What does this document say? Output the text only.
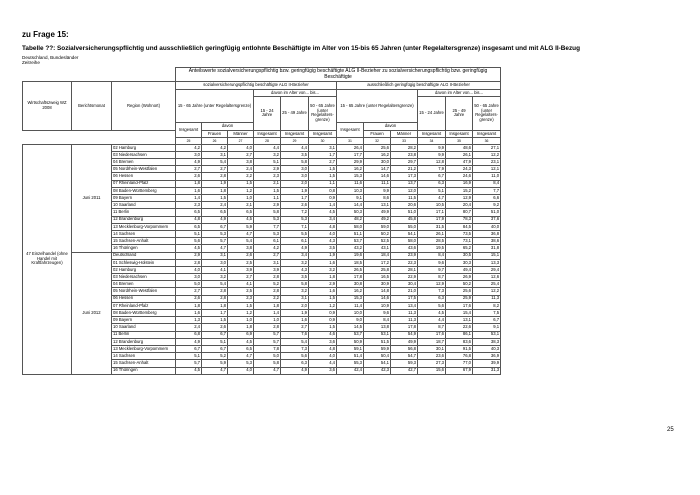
zu Frage 15:
Tabelle ??: Sozialversicherungspflichtig und ausschließlich geringfügig entlohnte Beschäftigte im Alter von 15-bis 65 Jahren (unter Regelaltersgrenze) insgesamt und mit ALG II-Bezug
Deutschland, Bundesländer
Zeitreihe
			Anteilswerte sozialversicherungspflichtig bzw. geringfügig beschäftigte ALG II-Bezieher zu sozialversicherungspflichtig bzw. geringfügig Beschäftigte											
Wirtschaftszweig WZ 2008	Berichtsmonat	Region (Wohnort)	sozialversicherungspflichtig beschäftigte ALG II-Bezieher						ausschließlich geringfügig beschäftigte ALG II-Bezieher					
			15 - 65 Jahre (unter Regelaltersgrenze)			davon im Alter von... bis...			15 - 65 Jahre (unter Regelaltersgrenze)			davon im Alter von... bis...		
						15 - 24 Jahre	25 - 49 Jahre	50 - 65 Jahre (unter Regelalters-grenze)				15 - 24 Jahre	25 - 49 Jahre	50 - 65 Jahre (unter Regelalters-grenze)
			Insgesamt	davon					Insgesamt	davon				
				Frauen	Männer	Insgesamt	Insgesamt	Insgesamt		Frauen	Männer	Insgesamt	Insgesamt	Insgesamt
			25	26	27	28	29	30	31	32	33	34	35	36
47 Einzelhandel (ohne Handel mit Kraftfahrzeugen)	Juni 2011	02 Hamburg	4,2	4,2	4,0	4,4	4,4	3,1	26,4	25,6	28,2	9,9	48,6	27,1
		03 Niedersachsen	3,0	3,1	2,7	3,2	3,5	1,7	17,7	16,2	23,8	9,9	26,1	12,2
		04 Bremen	4,9	5,4	3,8	5,1	5,8	2,7	29,9	30,0	29,7	12,8	47,9	23,1
		05 Nordrhein-Westfalen	2,7	2,7	2,4	2,9	3,0	1,5	16,2	14,7	21,2	7,9	24,3	12,1
		06 Hessen	2,6	2,8	2,2	2,3	3,0	1,5	15,3	14,6	17,3	6,7	24,6	11,0
		07 Rheinland-Pfalz	1,8	1,9	1,5	2,1	2,0	1,1	11,6	11,1	13,7	6,3	16,9	8,4
		08 Baden-Württemberg	1,6	1,8	1,2	1,5	1,9	0,8	10,3	9,9	12,0	5,1	15,2	7,7
		09 Bayern	1,4	1,5	1,0	1,1	1,7	0,9	9,1	8,6	11,5	4,7	12,9	6,6
		10 Saarland	2,3	2,4	2,1	2,9	2,6	1,4	14,4	13,1	20,6	10,5	20,4	9,2
		11 Berlin	6,5	6,5	6,5	5,8	7,2	4,5	50,3	49,9	51,0	17,1	80,7	51,0
		12 Brandenburg	4,8	4,9	4,5	5,3	5,3	3,4	48,2	49,2	45,8	17,9	78,3	37,6
		13 Mecklenburg-Vorpommern	6,5	6,7	5,9	7,7	7,1	4,8	58,0	59,0	55,0	31,5	84,5	40,0
		14 Sachsen	5,1	5,3	4,7	5,3	5,5	4,0	51,1	50,2	54,1	26,1	73,5	36,8
		15 Sachsen-Anhalt	5,6	5,7	5,4	6,1	6,1	4,3	53,7	52,5	58,0	28,5	73,1	38,6
		16 Thüringen	4,5	4,7	3,8	4,2	4,9	3,5	43,2	43,1	43,6	19,5	65,2	31,8
	Juni 2012	Deutschland	2,9	3,1	2,6	2,7	3,4	1,9	19,6	18,4	23,9	8,4	30,5	15,1
		01 Schleswig-Holstein	2,8	3,0	2,5	3,1	3,2	1,6	18,5	17,2	22,3	9,6	30,3	13,3
		02 Hamburg	4,0	4,1	3,9	3,9	4,3	3,2	26,5	25,8	28,1	9,7	49,4	29,4
		03 Niedersachsen	3,0	3,2	2,7	2,8	3,5	1,8	17,8	16,5	22,9	8,7	26,9	12,6
		04 Bremen	5,0	5,4	4,1	5,2	5,8	2,9	30,8	30,9	30,4	12,9	50,2	25,4
		05 Nordrhein-Westfalen	2,7	2,8	2,5	2,8	3,2	1,6	16,2	14,8	21,0	7,3	25,6	12,2
		06 Hessen	2,6	2,8	2,3	2,2	3,1	1,5	15,3	14,6	17,5	6,3	25,9	11,3
		07 Rheinland-Pfalz	1,8	1,8	1,5	1,8	2,0	1,2	11,4	10,9	13,4	5,6	17,6	8,2
		08 Baden-Württemberg	1,6	1,7	1,2	1,4	1,9	0,9	10,0	9,6	11,3	4,5	15,4	7,5
		09 Bayern	1,3	1,5	1,0	1,0	1,6	0,9	9,0	8,4	11,3	4,4	13,1	6,7
		10 Saarland	2,4	2,6	1,8	2,8	2,7	1,5	14,5	13,8	17,8	8,7	22,6	9,1
		11 Berlin	6,8	6,7	6,9	5,7	7,6	4,6	53,7	53,1	54,9	17,6	86,1	53,1
		12 Brandenburg	4,9	5,1	4,5	5,7	5,4	3,6	50,9	51,5	49,9	18,7	83,6	38,3
		13 Mecklenburg-Vorpommern	6,7	6,7	6,5	7,8	7,3	4,8	59,1	59,9	56,8	30,1	91,5	40,3
		14 Sachsen	5,1	5,2	4,7	5,0	5,6	4,0	51,4	50,4	54,7	23,6	76,8	36,9
		15 Sachsen-Anhalt	5,7	5,9	5,3	5,8	6,3	4,4	55,3	54,1	59,3	27,3	77,0	39,9
		16 Thüringen	4,5	4,7	4,0	4,7	4,9	3,6	42,4	42,3	42,7	15,6	67,9	31,3
25
